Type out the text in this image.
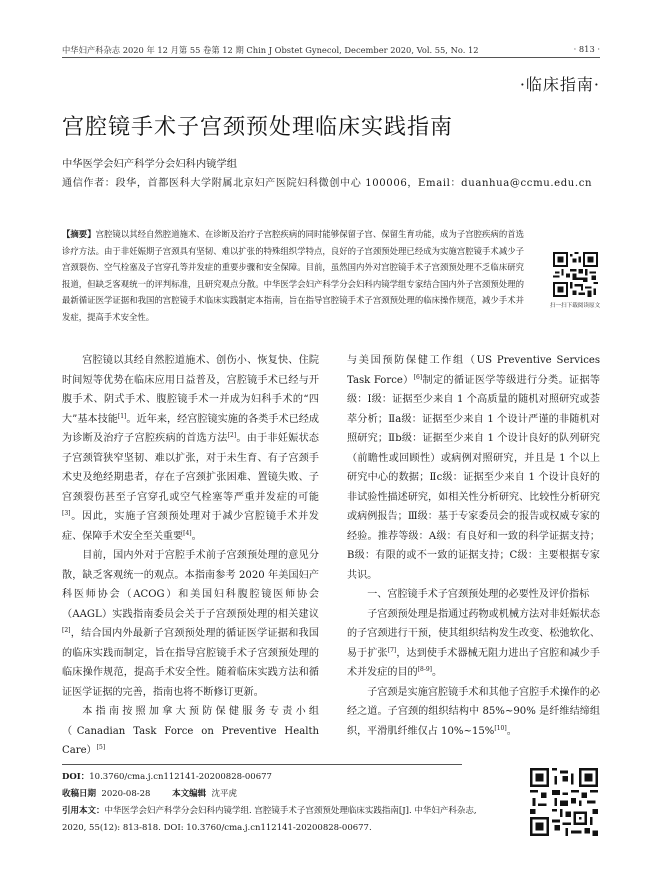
中华妇产科杂志 2020 年 12 月第 55 卷第 12 期 Chin J Obstet Gynecol, December 2020, Vol. 55, No. 12	· 813 ·
·临床指南·
宫腔镜手术子宫颈预处理临床实践指南
中华医学会妇产科学分会妇科内镜学组
通信作者：段华，首都医科大学附属北京妇产医院妇科微创中心 100006，Email：duanhua@ccmu.edu.cn
【摘要】宫腔镜以其经自然腔道施术、在诊断及治疗子宫腔疾病的同时能够保留子宫、保留生育功能，成为子宫腔疾病的首选诊疗方法。由于非妊娠期子宫颈具有坚韧、难以扩张的特殊组织学特点，良好的子宫颈预处理已经成为实施宫腔镜手术减少子宫颈裂伤、空气栓塞及子宫穿孔等并发症的重要步骤和安全保障。目前，虽然国内外对宫腔镜手术子宫颈预处理不乏临床研究报道，但缺乏客观统一的评判标准，且研究观点分散。中华医学会妇产科学分会妇科内镜学组专家结合国内外子宫颈预处理的最新循证医学证据和我国的宫腔镜手术临床实践制定本指南，旨在指导宫腔镜手术子宫颈预处理的临床操作规范，减少手术并发症，提高手术安全性。
扫一扫下载阅读原文

宫腔镜以其经自然腔道施术、创伤小、恢复快、住院时间短等优势在临床应用日益普及，宫腔镜手术已经与开腹手术、阴式手术、腹腔镜手术一并成为妇科手术的“四大”基本技能[1]。近年来，经宫腔镜实施的各类手术已经成为诊断及治疗子宫腔疾病的首选方法[2]。由于非妊娠状态子宫颈管狭窄坚韧、难以扩张，对于未生育、有子宫颈手术史及绝经期患者，存在子宫颈扩张困难、置镜失败、子宫颈裂伤甚至子宫穿孔或空气栓塞等严重并发症的可能[3]。因此，实施子宫颈预处理对于减少宫腔镜手术并发症、保障手术安全至关重要[4]。

目前，国内外对于宫腔手术前子宫颈预处理的意见分散，缺乏客观统一的观点。本指南参考 2020 年美国妇产科医师协会（ACOG）和美国妇科腹腔镜医师协会（AAGL）实践指南委员会关于子宫颈预处理的相关建议[2]，结合国内外最新子宫颈预处理的循证医学证据和我国的临床实践而制定，旨在指导宫腔镜手术子宫颈预处理的临床操作规范，提高手术安全性。随着临床实践方法和循证医学证据的完善，指南也将不断修订更新。

本指南按照加拿大预防保健服务专责小组（Canadian Task Force on Preventive Health Care）[5]

与美国预防保健工作组（US Preventive Services Task Force）[6]制定的循证医学等级进行分类。证据等级：Ⅰ级：证据至少来自 1 个高质量的随机对照研究或荟萃分析；Ⅱa级：证据至少来自 1 个设计严谨的非随机对照研究；Ⅱb级：证据至少来自 1 个设计良好的队列研究（前瞻性或回顾性）或病例对照研究，并且是 1 个以上研究中心的数据；Ⅱc级：证据至少来自 1 个设计良好的非试验性描述研究，如相关性分析研究、比较性分析研究或病例报告；Ⅲ级：基于专家委员会的报告或权威专家的经验。推荐等级：A级：有良好和一致的科学证据支持；B级：有限的或不一致的证据支持；C级：主要根据专家共识。

一、宫腔镜手术子宫颈预处理的必要性及评价指标

子宫颈预处理是指通过药物或机械方法对非妊娠状态的子宫颈进行干预，使其组织结构发生改变、松弛软化、易于扩张[7]，达到使手术器械无阻力进出子宫腔和减少手术并发症的目的[8-9]。

子宫颈是实施宫腔镜手术和其他子宫腔手术操作的必经之道。子宫颈的组织结构中 85%~90% 是纤维结缔组织，平滑肌纤维仅占 10%~15%[10]。

DOI：10.3760/cma.j.cn112141-20200828-00677
收稿日期 2020-08-28	本文编辑 沈平虎
引用本文：中华医学会妇产科学分会妇科内镜学组. 宫腔镜手术子宫颈预处理临床实践指南[J]. 中华妇产科杂志, 2020, 55(12): 813-818. DOI: 10.3760/cma.j.cn112141-20200828-00677.
